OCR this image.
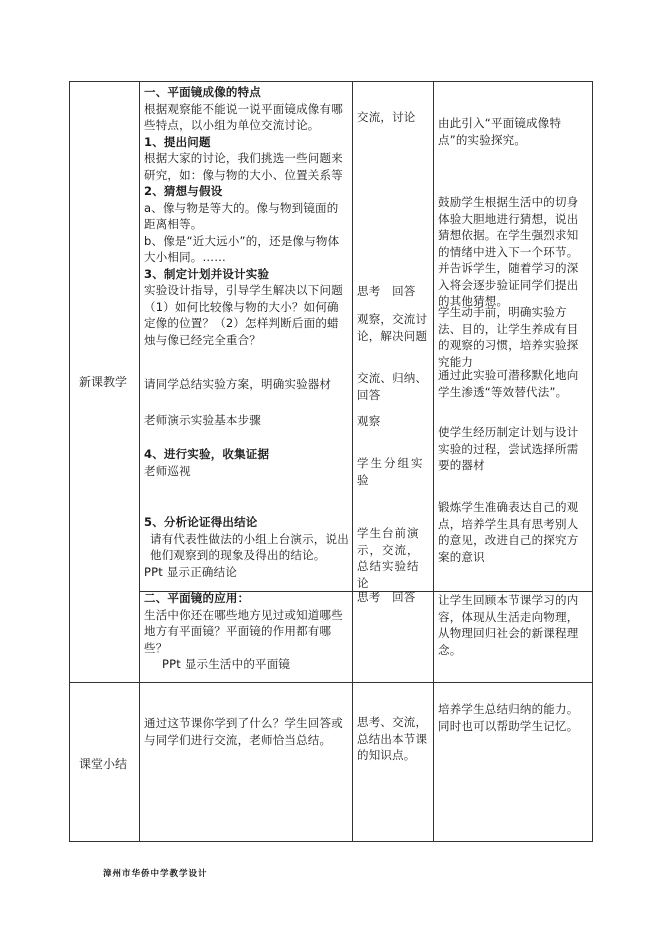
新课教学
课堂小结
一、平面镜成像的特点
根据观察能不能说一说平面镜成像有哪些特点，以小组为单位交流讨论。
1、提出问题
根据大家的讨论，我们挑选一些问题来研究，如：像与物的大小、位置关系等
2、猜想与假设
a、像与物是等大的。像与物到镜面的距离相等。
b、像是“近大远小”的，还是像与物体大小相同。……
3、制定计划并设计实验
实验设计指导，引导学生解决以下问题 （1）如何比较像与物的大小？如何确定像的位置？（2）怎样判断后面的蜡烛与像已经完全重合？
请同学总结实验方案，明确实验器材
老师演示实验基本步骤
4、进行实验，收集证据
老师巡视
5、分析论证得出结论
请有代表性做法的小组上台演示，说出他们观察到的现象及得出的结论。
PPt 显示正确结论
二、平面镜的应用：
生活中你还在哪些地方见过或知道哪些地方有平面镜？平面镜的作用都有哪些？
PPt 显示生活中的平面镜
通过这节课你学到了什么？学生回答或与同学们进行交流，老师恰当总结。
交流，讨论
思考　回答
观察，交流讨论，解决问题
交流、归纳、回答
观察
学生分组实验
学生台前演示，交流，总结实验结论
思考　回答
思考、交流，总结出本节课的知识点。
由此引入“平面镜成像特点”的实验探究。
鼓励学生根据生活中的切身体验大胆地进行猜想，说出猜想依据。在学生强烈求知的情绪中进入下一个环节。并告诉学生，随着学习的深入将会逐步验证同学们提出的其他猜想。
学生动手前，明确实验方法、目的，让学生养成有目的观察的习惯，培养实验探究能力
通过此实验可潜移默化地向学生渗透“等效替代法”。
使学生经历制定计划与设计实验的过程，尝试选择所需要的器材
锻炼学生准确表达自己的观点，培养学生具有思考别人的意见，改进自己的探究方案的意识
让学生回顾本节课学习的内容，体现从生活走向物理，从物理回归社会的新课程理念。
培养学生总结归纳的能力。同时也可以帮助学生记忆。
漳州市华侨中学教学设计
